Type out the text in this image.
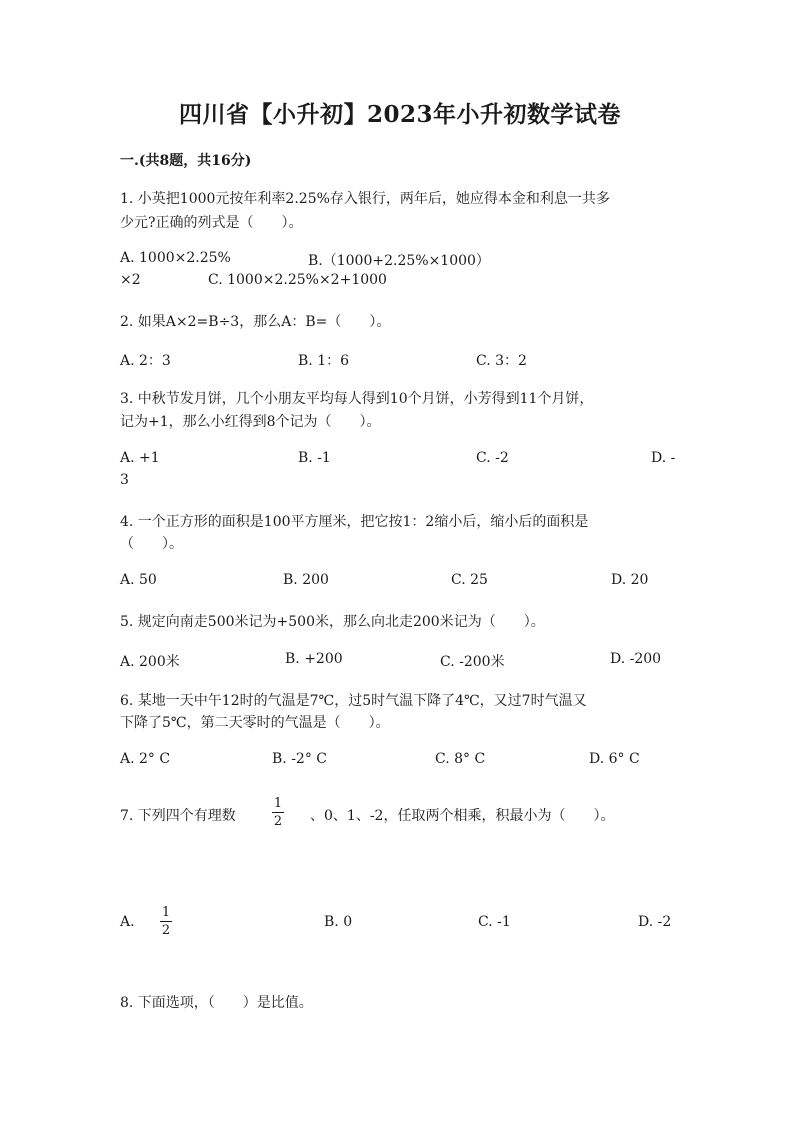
四川省【小升初】2023年小升初数学试卷
一.(共8题，共16分)
1. 小英把1000元按年利率2.25%存入银行，两年后，她应得本金和利息一共多
少元?正确的列式是（　　）。
A. 1000×2.25%	B.（1000+2.25%×1000）
×2	C. 1000×2.25%×2+1000
2. 如果A×2=B÷3，那么A：B=（　　）。
A. 2：3	B. 1：6	C. 3：2
3. 中秋节发月饼，几个小朋友平均每人得到10个月饼，小芳得到11个月饼，
记为+1，那么小红得到8个记为（　　）。
A. +1	B. -1	C. -2	D. -
3
4. 一个正方形的面积是100平方厘米，把它按1：2缩小后，缩小后的面积是
（　　）。
A. 50	B. 200	C. 25	D. 20
5. 规定向南走500米记为+500米，那么向北走200米记为（　　）。
A. 200米	B. +200	C. -200米	D. -200
6. 某地一天中午12时的气温是7℃，过5时气温下降了4℃，又过7时气温又
下降了5℃，第二天零时的气温是（　　）。
A. 2° C	B. -2° C	C. 8° C	D. 6° C
7. 下列四个有理数
1
2 、0、1、-2，任取两个相乘，积最小为（　　）。
A.
1
2
B. 0	C. -1	D. -2
8. 下面选项，（　　）是比值。
